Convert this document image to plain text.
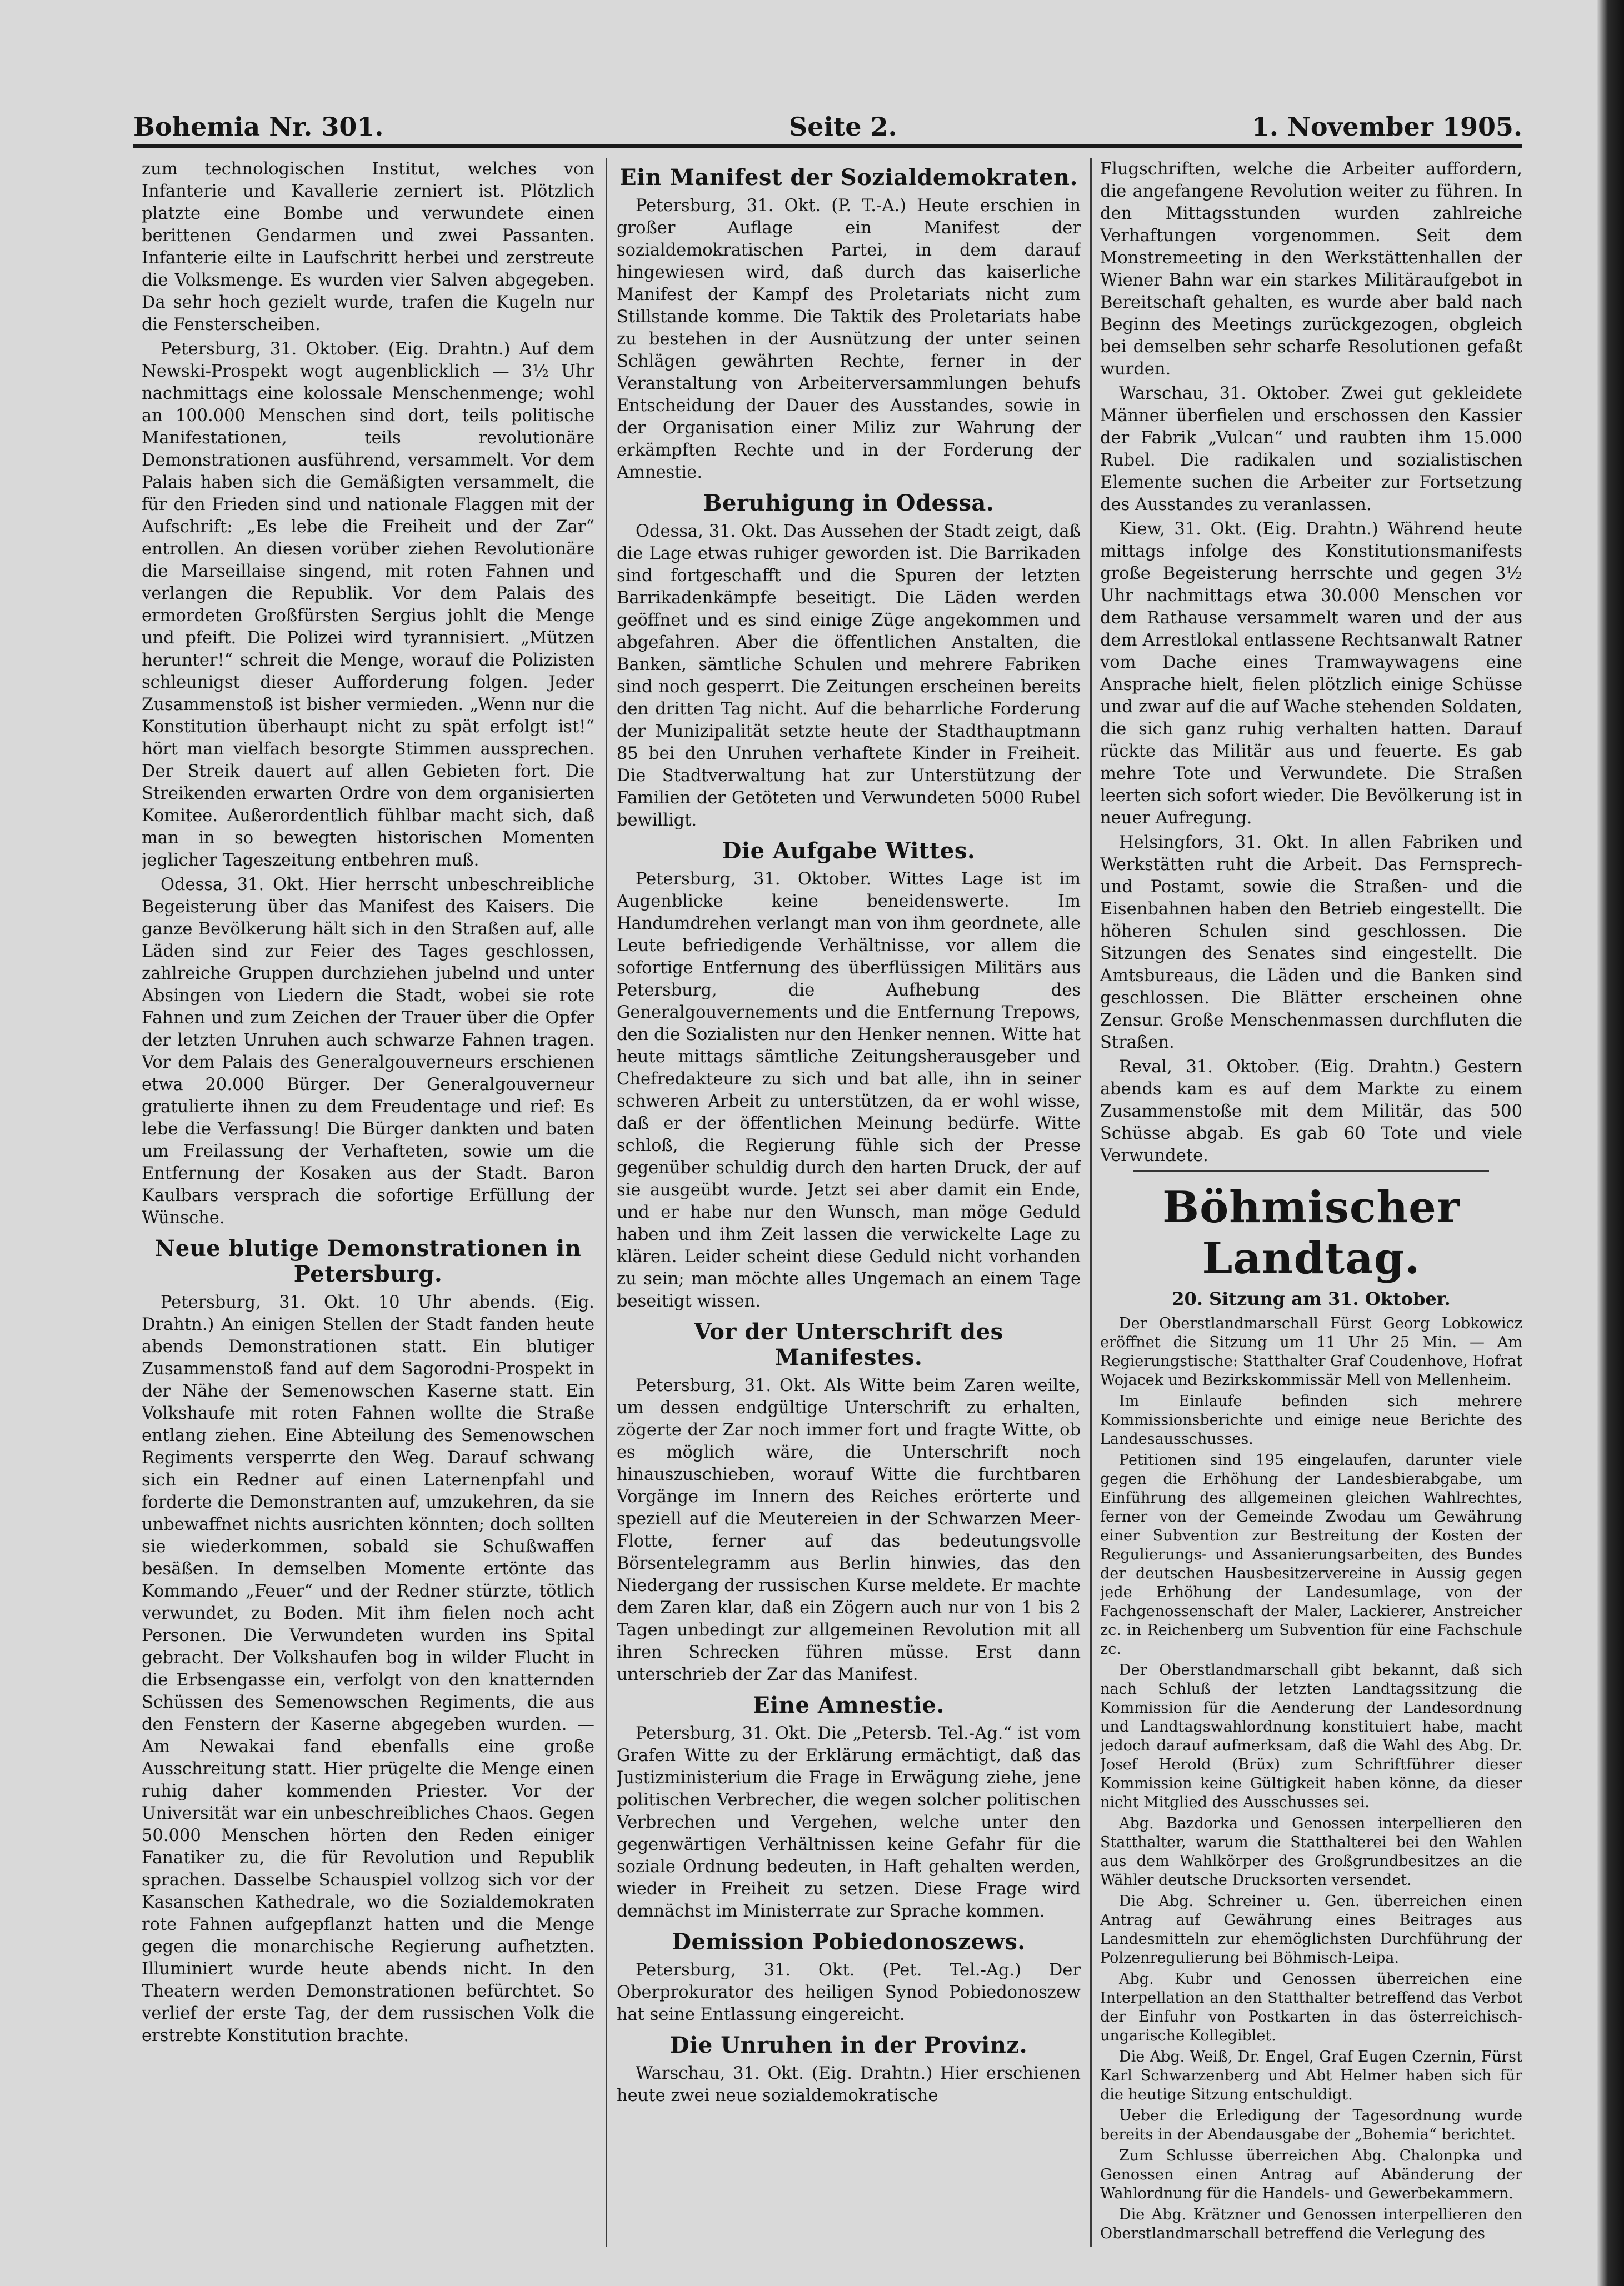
Bohemia Nr. 301.	Seite 2.	1. November 1905.

zum technologischen Institut, welches von Infanterie und Kavallerie zerniert ist. Plötzlich platzte eine Bombe und verwundete einen berittenen Gendarmen und zwei Passanten. Infanterie eilte in Laufschritt herbei und zerstreute die Volksmenge. Es wurden vier Salven abgegeben. Da sehr hoch gezielt wurde, trafen die Kugeln nur die Fensterscheiben.

Petersburg, 31. Oktober. (Eig. Drahtn.) Auf dem Newski-Prospekt wogt augenblicklich — 3½ Uhr nachmittags eine kolossale Menschenmenge; wohl an 100.000 Menschen sind dort, teils politische Manifestationen, teils revolutionäre Demonstrationen ausführend, versammelt. Vor dem Palais haben sich die Gemäßigten versammelt, die für den Frieden sind und nationale Flaggen mit der Aufschrift: „Es lebe die Freiheit und der Zar“ entrollen. An diesen vorüber ziehen Revolutionäre die Marseillaise singend, mit roten Fahnen und verlangen die Republik. Vor dem Palais des ermordeten Großfürsten Sergius johlt die Menge und pfeift. Die Polizei wird tyrannisiert. „Mützen herunter!“ schreit die Menge, worauf die Polizisten schleunigst dieser Aufforderung folgen. Jeder Zusammenstoß ist bisher vermieden. „Wenn nur die Konstitution überhaupt nicht zu spät erfolgt ist!“ hört man vielfach besorgte Stimmen aussprechen. Der Streik dauert auf allen Gebieten fort. Die Streikenden erwarten Ordre von dem organisierten Komitee. Außerordentlich fühlbar macht sich, daß man in so bewegten historischen Momenten jeglicher Tageszeitung entbehren muß.

Odessa, 31. Okt. Hier herrscht unbeschreibliche Begeisterung über das Manifest des Kaisers. Die ganze Bevölkerung hält sich in den Straßen auf, alle Läden sind zur Feier des Tages geschlossen, zahlreiche Gruppen durchziehen jubelnd und unter Absingen von Liedern die Stadt, wobei sie rote Fahnen und zum Zeichen der Trauer über die Opfer der letzten Unruhen auch schwarze Fahnen tragen. Vor dem Palais des Generalgouverneurs erschienen etwa 20.000 Bürger. Der Generalgouverneur gratulierte ihnen zu dem Freudentage und rief: Es lebe die Verfassung! Die Bürger dankten und baten um Freilassung der Verhafteten, sowie um die Entfernung der Kosaken aus der Stadt. Baron Kaulbars versprach die sofortige Erfüllung der Wünsche.

Neue blutige Demonstrationen in Petersburg.

Petersburg, 31. Okt. 10 Uhr abends. (Eig. Drahtn.) An einigen Stellen der Stadt fanden heute abends Demonstrationen statt. Ein blutiger Zusammenstoß fand auf dem Sagorodni-Prospekt in der Nähe der Semenowschen Kaserne statt. Ein Volkshaufe mit roten Fahnen wollte die Straße entlang ziehen. Eine Abteilung des Semenowschen Regiments versperrte den Weg. Darauf schwang sich ein Redner auf einen Laternenpfahl und forderte die Demonstranten auf, umzukehren, da sie unbewaffnet nichts ausrichten könnten; doch sollten sie wiederkommen, sobald sie Schußwaffen besäßen. In demselben Momente ertönte das Kommando „Feuer“ und der Redner stürzte, tötlich verwundet, zu Boden. Mit ihm fielen noch acht Personen. Die Verwundeten wurden ins Spital gebracht. Der Volkshaufen bog in wilder Flucht in die Erbsengasse ein, verfolgt von den knatternden Schüssen des Semenowschen Regiments, die aus den Fenstern der Kaserne abgegeben wurden. — Am Newakai fand ebenfalls eine große Ausschreitung statt. Hier prügelte die Menge einen ruhig daher kommenden Priester. Vor der Universität war ein unbeschreibliches Chaos. Gegen 50.000 Menschen hörten den Reden einiger Fanatiker zu, die für Revolution und Republik sprachen. Dasselbe Schauspiel vollzog sich vor der Kasanschen Kathedrale, wo die Sozialdemokraten rote Fahnen aufgepflanzt hatten und die Menge gegen die monarchische Regierung aufhetzten. Illuminiert wurde heute abends nicht. In den Theatern werden Demonstrationen befürchtet. So verlief der erste Tag, der dem russischen Volk die erstrebte Konstitution brachte.

Ein Manifest der Sozialdemokraten.

Petersburg, 31. Okt. (P. T.-A.) Heute erschien in großer Auflage ein Manifest der sozialdemokratischen Partei, in dem darauf hingewiesen wird, daß durch das kaiserliche Manifest der Kampf des Proletariats nicht zum Stillstande komme. Die Taktik des Proletariats habe zu bestehen in der Ausnützung der unter seinen Schlägen gewährten Rechte, ferner in der Veranstaltung von Arbeiterversammlungen behufs Entscheidung der Dauer des Ausstandes, sowie in der Organisation einer Miliz zur Wahrung der erkämpften Rechte und in der Forderung der Amnestie.

Beruhigung in Odessa.

Odessa, 31. Okt. Das Aussehen der Stadt zeigt, daß die Lage etwas ruhiger geworden ist. Die Barrikaden sind fortgeschafft und die Spuren der letzten Barrikadenkämpfe beseitigt. Die Läden werden geöffnet und es sind einige Züge angekommen und abgefahren. Aber die öffentlichen Anstalten, die Banken, sämtliche Schulen und mehrere Fabriken sind noch gesperrt. Die Zeitungen erscheinen bereits den dritten Tag nicht. Auf die beharrliche Forderung der Munizipalität setzte heute der Stadthauptmann 85 bei den Unruhen verhaftete Kinder in Freiheit. Die Stadtverwaltung hat zur Unterstützung der Familien der Getöteten und Verwundeten 5000 Rubel bewilligt.

Die Aufgabe Wittes.

Petersburg, 31. Oktober. Wittes Lage ist im Augenblicke keine beneidenswerte. Im Handumdrehen verlangt man von ihm geordnete, alle Leute befriedigende Verhältnisse, vor allem die sofortige Entfernung des überflüssigen Militärs aus Petersburg, die Aufhebung des Generalgouvernements und die Entfernung Trepows, den die Sozialisten nur den Henker nennen. Witte hat heute mittags sämtliche Zeitungsherausgeber und Chefredakteure zu sich und bat alle, ihn in seiner schweren Arbeit zu unterstützen, da er wohl wisse, daß er der öffentlichen Meinung bedürfe. Witte schloß, die Regierung fühle sich der Presse gegenüber schuldig durch den harten Druck, der auf sie ausgeübt wurde. Jetzt sei aber damit ein Ende, und er habe nur den Wunsch, man möge Geduld haben und ihm Zeit lassen die verwickelte Lage zu klären. Leider scheint diese Geduld nicht vorhanden zu sein; man möchte alles Ungemach an einem Tage beseitigt wissen.

Vor der Unterschrift des Manifestes.

Petersburg, 31. Okt. Als Witte beim Zaren weilte, um dessen endgültige Unterschrift zu erhalten, zögerte der Zar noch immer fort und fragte Witte, ob es möglich wäre, die Unterschrift noch hinauszuschieben, worauf Witte die furchtbaren Vorgänge im Innern des Reiches erörterte und speziell auf die Meutereien in der Schwarzen Meer-Flotte, ferner auf das bedeutungsvolle Börsentelegramm aus Berlin hinwies, das den Niedergang der russischen Kurse meldete. Er machte dem Zaren klar, daß ein Zögern auch nur von 1 bis 2 Tagen unbedingt zur allgemeinen Revolution mit all ihren Schrecken führen müsse. Erst dann unterschrieb der Zar das Manifest.

Eine Amnestie.

Petersburg, 31. Okt. Die „Petersb. Tel.-Ag.“ ist vom Grafen Witte zu der Erklärung ermächtigt, daß das Justizministerium die Frage in Erwägung ziehe, jene politischen Verbrecher, die wegen solcher politischen Verbrechen und Vergehen, welche unter den gegenwärtigen Verhältnissen keine Gefahr für die soziale Ordnung bedeuten, in Haft gehalten werden, wieder in Freiheit zu setzen. Diese Frage wird demnächst im Ministerrate zur Sprache kommen.

Demission Pobiedonoszews.

Petersburg, 31. Okt. (Pet. Tel.-Ag.) Der Oberprokurator des heiligen Synod Pobiedonoszew hat seine Entlassung eingereicht.

Die Unruhen in der Provinz.

Warschau, 31. Okt. (Eig. Drahtn.) Hier erschienen heute zwei neue sozialdemokratische

Flugschriften, welche die Arbeiter auffordern, die angefangene Revolution weiter zu führen. In den Mittagsstunden wurden zahlreiche Verhaftungen vorgenommen. Seit dem Monstremeeting in den Werkstättenhallen der Wiener Bahn war ein starkes Militäraufgebot in Bereitschaft gehalten, es wurde aber bald nach Beginn des Meetings zurückgezogen, obgleich bei demselben sehr scharfe Resolutionen gefaßt wurden.

Warschau, 31. Oktober. Zwei gut gekleidete Männer überfielen und erschossen den Kassier der Fabrik „Vulcan“ und raubten ihm 15.000 Rubel. Die radikalen und sozialistischen Elemente suchen die Arbeiter zur Fortsetzung des Ausstandes zu veranlassen.

Kiew, 31. Okt. (Eig. Drahtn.) Während heute mittags infolge des Konstitutionsmanifests große Begeisterung herrschte und gegen 3½ Uhr nachmittags etwa 30.000 Menschen vor dem Rathause versammelt waren und der aus dem Arrestlokal entlassene Rechtsanwalt Ratner vom Dache eines Tramwaywagens eine Ansprache hielt, fielen plötzlich einige Schüsse und zwar auf die auf Wache stehenden Soldaten, die sich ganz ruhig verhalten hatten. Darauf rückte das Militär aus und feuerte. Es gab mehre Tote und Verwundete. Die Straßen leerten sich sofort wieder. Die Bevölkerung ist in neuer Aufregung.

Helsingfors, 31. Okt. In allen Fabriken und Werkstätten ruht die Arbeit. Das Fernsprech- und Postamt, sowie die Straßen- und die Eisenbahnen haben den Betrieb eingestellt. Die höheren Schulen sind geschlossen. Die Sitzungen des Senates sind eingestellt. Die Amtsbureaus, die Läden und die Banken sind geschlossen. Die Blätter erscheinen ohne Zensur. Große Menschenmassen durchfluten die Straßen.

Reval, 31. Oktober. (Eig. Drahtn.) Gestern abends kam es auf dem Markte zu einem Zusammenstoße mit dem Militär, das 500 Schüsse abgab. Es gab 60 Tote und viele Verwundete.

Böhmischer Landtag.
20. Sitzung am 31. Oktober.

Der Oberstlandmarschall Fürst Georg Lobkowicz eröffnet die Sitzung um 11 Uhr 25 Min. — Am Regierungstische: Statthalter Graf Coudenhove, Hofrat Wojacek und Bezirkskommissär Mell von Mellenheim.

Im Einlaufe befinden sich mehrere Kommissionsberichte und einige neue Berichte des Landesausschusses.

Petitionen sind 195 eingelaufen, darunter viele gegen die Erhöhung der Landesbierabgabe, um Einführung des allgemeinen gleichen Wahlrechtes, ferner von der Gemeinde Zwodau um Gewährung einer Subvention zur Bestreitung der Kosten der Regulierungs- und Assanierungsarbeiten, des Bundes der deutschen Hausbesitzervereine in Aussig gegen jede Erhöhung der Landesumlage, von der Fachgenossenschaft der Maler, Lackierer, Anstreicher zc. in Reichenberg um Subvention für eine Fachschule zc.

Der Oberstlandmarschall gibt bekannt, daß sich nach Schluß der letzten Landtagssitzung die Kommission für die Aenderung der Landesordnung und Landtagswahlordnung konstituiert habe, macht jedoch darauf aufmerksam, daß die Wahl des Abg. Dr. Josef Herold (Brüx) zum Schriftführer dieser Kommission keine Gültigkeit haben könne, da dieser nicht Mitglied des Ausschusses sei.

Abg. Bazdorka und Genossen interpellieren den Statthalter, warum die Statthalterei bei den Wahlen aus dem Wahlkörper des Großgrundbesitzes an die Wähler deutsche Drucksorten versendet.

Die Abg. Schreiner u. Gen. überreichen einen Antrag auf Gewährung eines Beitrages aus Landesmitteln zur ehemöglichsten Durchführung der Polzenregulierung bei Böhmisch-Leipa.

Abg. Kubr und Genossen überreichen eine Interpellation an den Statthalter betreffend das Verbot der Einfuhr von Postkarten in das österreichisch-ungarische Kollegiblet.

Die Abg. Weiß, Dr. Engel, Graf Eugen Czernin, Fürst Karl Schwarzenberg und Abt Helmer haben sich für die heutige Sitzung entschuldigt.

Ueber die Erledigung der Tagesordnung wurde bereits in der Abendausgabe der „Bohemia“ berichtet.

Zum Schlusse überreichen Abg. Chalonpka und Genossen einen Antrag auf Abänderung der Wahlordnung für die Handels- und Gewerbekammern.

Die Abg. Krätzner und Genossen interpellieren den Oberstlandmarschall betreffend die Verlegung des
